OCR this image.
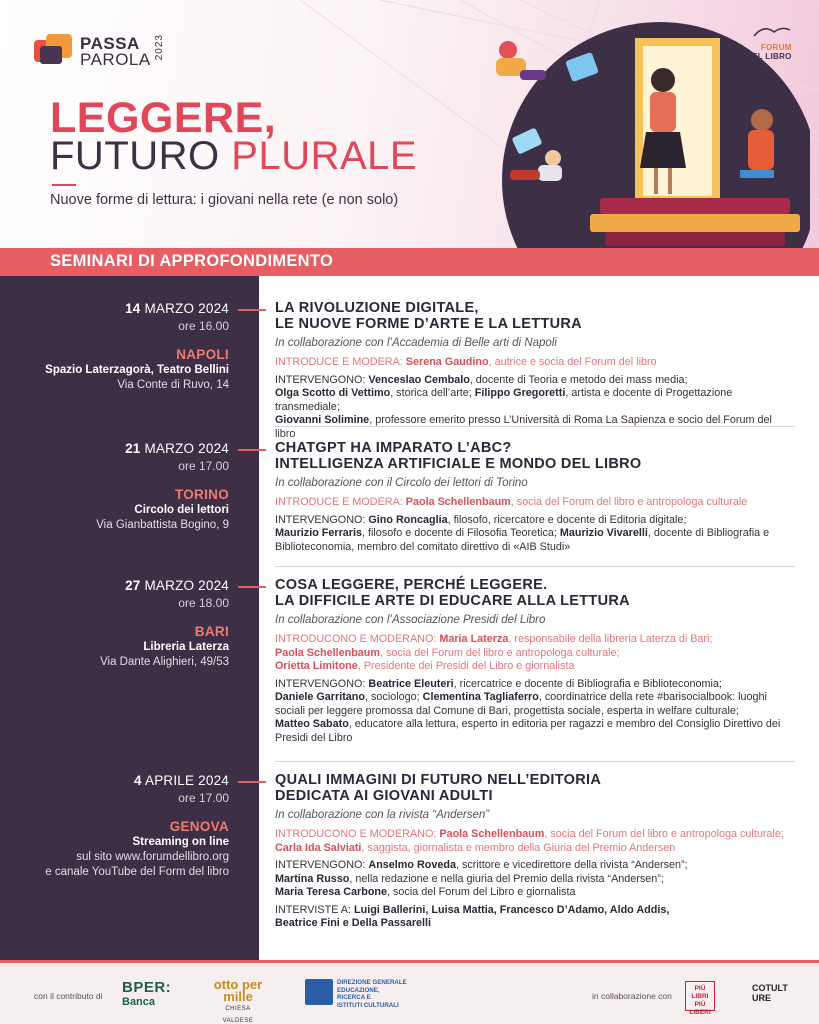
PASSA
PAROLA 2023
LEGGERE,
FUTURO PLURALE
Nuove forme di lettura: i giovani nella rete (e non solo)
FORUM
DEL LIBRO
SEMINARI DI APPROFONDIMENTO
14 MARZO 2024
ore 16.00
NAPOLI
Spazio Laterzagorà, Teatro Bellini
Via Conte di Ruvo, 14
LA RIVOLUZIONE DIGITALE,
LE NUOVE FORME D’ARTE E LA LETTURA
In collaborazione con l’Accademia di Belle arti di Napoli
INTRODUCE E MODERA: Serena Gaudino, autrice e socia del Forum del libro
INTERVENGONO: Venceslao Cembalo, docente di Teoria e metodo dei mass media;
Olga Scotto di Vettimo, storica dell’arte; Filippo Gregoretti, artista e docente di Progettazione transmediale;
Giovanni Solimine, professore emerito presso L’Università di Roma La Sapienza e socio del Forum del libro
21 MARZO 2024
ore 17.00
TORINO
Circolo dei lettori
Via Gianbattista Bogino, 9
CHATGPT HA IMPARATO L’ABC?
INTELLIGENZA ARTIFICIALE E MONDO DEL LIBRO
In collaborazione con il Circolo dei lettori di Torino
INTRODUCE E MODERA: Paola Schellenbaum, socia del Forum del libro e antropologa culturale
INTERVENGONO: Gino Roncaglia, filosofo, ricercatore e docente di Editoria digitale;
Maurizio Ferraris, filosofo e docente di Filosofia Teoretica; Maurizio Vivarelli, docente di Bibliografia e Biblioteconomia, membro del comitato direttivo di «AIB Studi»
27 MARZO 2024
ore 18.00
BARI
Libreria Laterza
Via Dante Alighieri, 49/53
COSA LEGGERE, PERCHÉ LEGGERE.
LA DIFFICILE ARTE DI EDUCARE ALLA LETTURA
In collaborazione con l’Associazione Presidi del Libro
INTRODUCONO E MODERANO: Maria Laterza, responsabile della libreria Laterza di Bari;
Paola Schellenbaum, socia del Forum del libro e antropologa culturale;
Orietta Limitone, Presidente dei Presidi del Libro e giornalista
INTERVENGONO: Beatrice Eleuteri, ricercatrice e docente di Bibliografia e Biblioteconomia;
Daniele Garritano, sociologo; Clementina Tagliaferro, coordinatrice della rete #barisocialbook: luoghi sociali per leggere promossa dal Comune di Bari, progettista sociale, esperta in welfare culturale;
Matteo Sabato, educatore alla lettura, esperto in editoria per ragazzi e membro del Consiglio Direttivo dei Presidi del Libro
4 APRILE 2024
ore 17.00
GENOVA
Streaming on line
sul sito www.forumdellibro.org
e canale YouTube del Form del libro
QUALI IMMAGINI DI FUTURO NELL’EDITORIA
DEDICATA AI GIOVANI ADULTI
In collaborazione con la rivista “Andersen”
INTRODUCONO E MODERANO: Paola Schellenbaum, socia del Forum del libro e antropologa culturale;
Carla Ida Salviati, saggista, giornalista e membro della Giuria del Premio Andersen
INTERVENGONO: Anselmo Roveda, scrittore e vicedirettore della rivista “Andersen”;
Martina Russo, nella redazione e nella giuria del Premio della rivista “Andersen”;
Maria Teresa Carbone, socia del Forum del Libro e giornalista
INTERVISTE A: Luigi Ballerini, Luisa Mattia, Francesco D’Adamo, Aldo Addis,
Beatrice Fini e Della Passarelli
con il contributo di BPER:
Banca
otto per mille
CHIESA VALDESE
DIREZIONE GENERALE
EDUCAZIONE,
RICERCA E
ISTITUTI CULTURALI
in collaborazione con
PIÙ LIBRI PIÙ LIBERI
COTULT URE
